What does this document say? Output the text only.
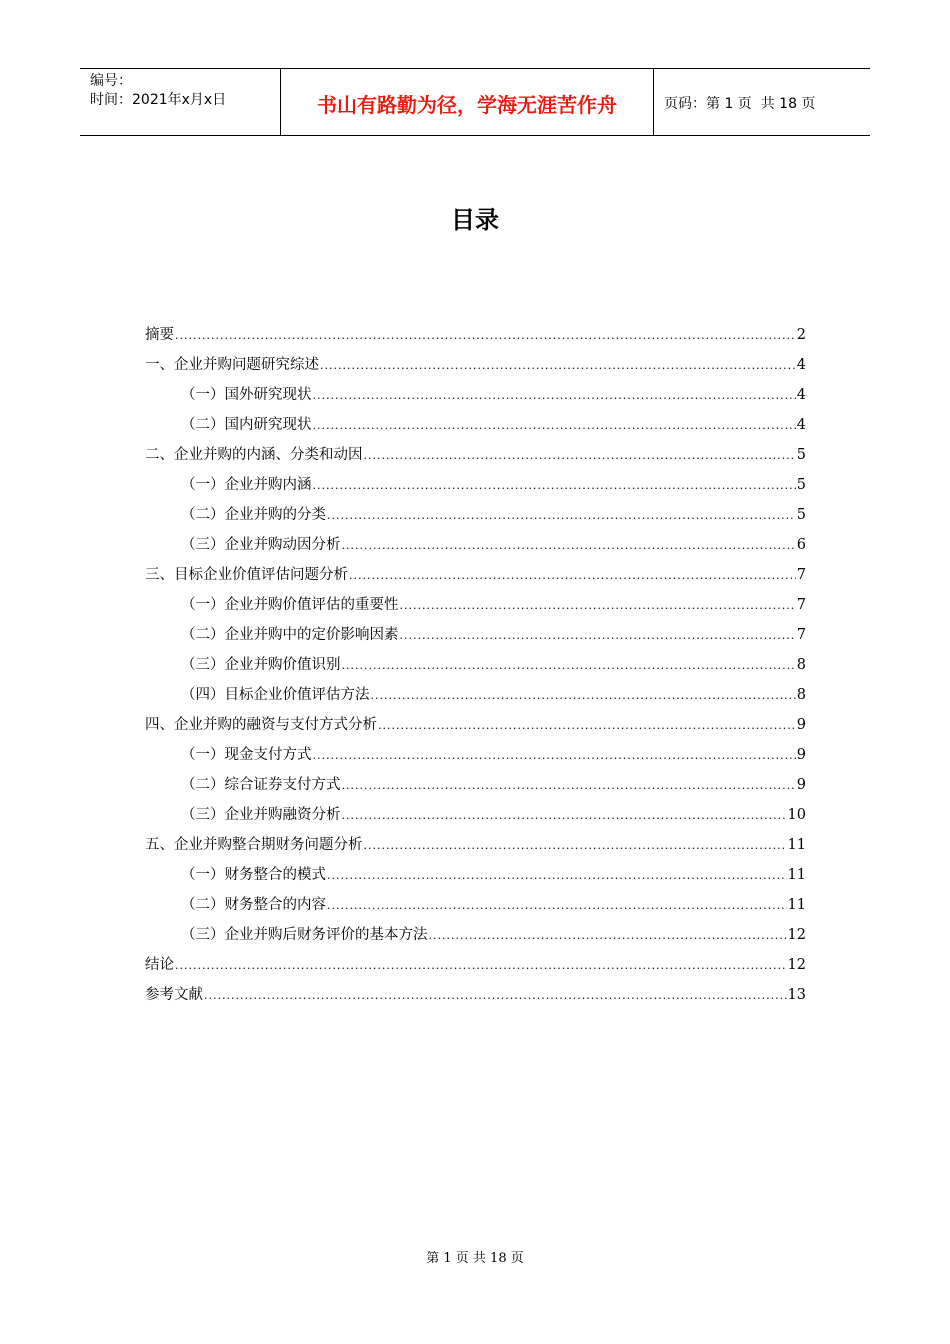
编号：
时间：2021年x月x日	书山有路勤为径，学海无涯苦作舟	页码：第 1 页  共 18 页
目录
摘要 .....	2
一、企业并购问题研究综述 .....	4
（一）国外研究现状 .....	4
（二）国内研究现状 .....	4
二、企业并购的内涵、分类和动因 .....	5
（一）企业并购内涵 .....	5
（二）企业并购的分类 .....	5
（三）企业并购动因分析 .....	6
三、目标企业价值评估问题分析 .....	7
（一）企业并购价值评估的重要性 .....	7
（二）企业并购中的定价影响因素 .....	7
（三）企业并购价值识别 .....	8
（四）目标企业价值评估方法 .....	8
四、企业并购的融资与支付方式分析 .....	9
（一）现金支付方式 .....	9
（二）综合证券支付方式 .....	9
（三）企业并购融资分析 .....	10
五、企业并购整合期财务问题分析 .....	11
（一）财务整合的模式 .....	11
（二）财务整合的内容 .....	11
（三）企业并购后财务评价的基本方法 .....	12
结论 .....	12
参考文献 .....	13
第 1 页 共 18 页
